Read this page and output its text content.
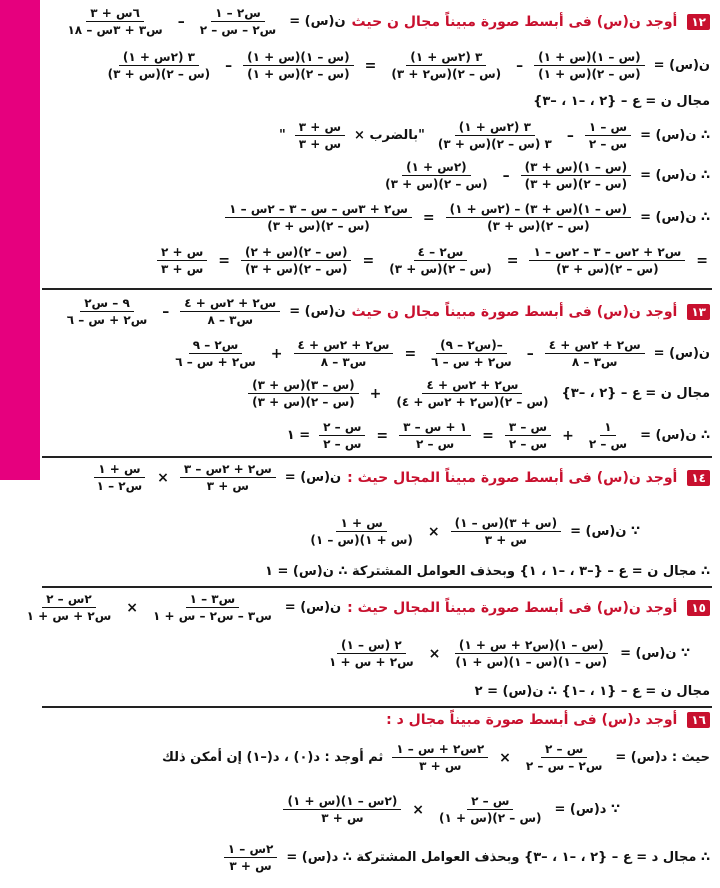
١٢
أوجد ن(س) فى أبسط صورة مبيناً مجال ن حيث
ن(س) =
$\frac{\text{س٢ – ١}}{\text{س٢ – س – ٢}}$
–
$\frac{\text{٦س + ٣}}{\text{س٣ + ٣س – ١٨}}$
ن(س) =
$\frac{\text{(س – ١)(س + ١)}}{\text{(س – ٢)(س + ١)}}$
–
$\frac{\text{٣ (٢س + ١)}}{\text{(س – ٢)(س٢ + ٣)}}$
=
$\frac{\text{(س – ١)(س + ١)}}{\text{(س – ٢)(س + ١)}}$
–
$\frac{\text{٣ (٢س + ١)}}{\text{(س – ٢)(س + ٣)}}$
مجال ن = ع – {٢ ، –١ ، –٣}
∴ ن(س) =
$\frac{\text{س – ١}}{\text{س – ٢}}$
–
$\frac{\text{٣ (٢س + ١)}}{\text{٣ (س – ٢)(س + ٣)}}$
"بالضرب ×
$\frac{\text{س + ٣}}{\text{س + ٣}}$
"
∴ ن(س) =
$\frac{\text{(س – ١)(س + ٣)}}{\text{(س – ٢)(س + ٣)}}$
–
$\frac{\text{(٢س + ١)}}{\text{(س – ٢)(س + ٣)}}$
∴ ن(س) =
$\frac{\text{(س – ١)(س + ٣) – (٢س + ١)}}{\text{(س – ٢)(س + ٣)}}$
=
$\frac{\text{س٢ + ٣س – س – ٣ – ٢س – ١}}{\text{(س – ٢)(س + ٣)}}$
=
$\frac{\text{س٢ + ٢س – ٣ – ٢س – ١}}{\text{(س – ٢)(س + ٣)}}$
=
$\frac{\text{س٢ – ٤}}{\text{(س – ٢)(س + ٣)}}$
=
$\frac{\text{(س – ٢)(س + ٢)}}{\text{(س – ٢)(س + ٣)}}$
=
$\frac{\text{س + ٢}}{\text{س + ٣}}$
١٣
أوجد ن(س) فى أبسط صورة مبيناً مجال ن حيث
ن(س) =
$\frac{\text{س٢ + ٢س + ٤}}{\text{س٣ – ٨}}$
–
$\frac{\text{٩ – س٢}}{\text{س٢ + س – ٦}}$
ن(س) =
$\frac{\text{س٢ + ٢س + ٤}}{\text{س٣ – ٨}}$
–
$\frac{\text{–(س٢ – ٩)}}{\text{س٢ + س – ٦}}$
=
$\frac{\text{س٢ + ٢س + ٤}}{\text{س٣ – ٨}}$
+
$\frac{\text{س٢ – ٩}}{\text{س٢ + س – ٦}}$
مجال ن = ع – {٢ ، –٣}
$\frac{\text{س٢ + ٢س + ٤}}{\text{(س – ٢)(س٢ + ٢س + ٤)}}$
+
$\frac{\text{(س – ٣)(س + ٣)}}{\text{(س – ٢)(س + ٣)}}$
∴ ن(س) =
$\frac{١}{\text{س – ٢}}$
+
$\frac{\text{س – ٣}}{\text{س – ٢}}$
=
$\frac{\text{١ + س – ٣}}{\text{س – ٢}}$
=
$\frac{\text{س – ٢}}{\text{س – ٢}}$
= ١
١٤
أوجد ن(س) فى أبسط صورة مبيناً المجال حيث :
ن(س) =
$\frac{\text{س٢ + ٢س – ٣}}{\text{س + ٣}}$
×
$\frac{\text{س + ١}}{\text{س٢ – ١}}$
∵ ن(س) =
$\frac{\text{(س + ٣)(س – ١)}}{\text{س + ٣}}$
×
$\frac{\text{س + ١}}{\text{(س + ١)(س – ١)}}$
∴ مجال ن = ع – {–٣ ، –١ ، ١} وبحذف العوامل المشتركة ∴ ن(س) = ١
١٥
أوجد ن(س) فى أبسط صورة مبيناً المجال حيث :
ن(س) =
$\frac{\text{س٣ – ١}}{\text{س٣ – س٢ – س + ١}}$
×
$\frac{\text{٢س – ٢}}{\text{س٢ + س + ١}}$
∵ ن(س) =
$\frac{\text{(س – ١)(س٢ + س + ١)}}{\text{(س – ١)(س – ١)(س + ١)}}$
×
$\frac{\text{٢ (س – ١)}}{\text{س٢ + س + ١}}$
مجال ن = ع – {١ ، –١} ∴ ن(س) = ٢
١٦
أوجد د(س) فى أبسط صورة مبيناً مجال د :
حيث : د(س) =
$\frac{\text{س – ٢}}{\text{س٢ – س – ٢}}$
×
$\frac{\text{٢س٢ + س – ١}}{\text{س + ٣}}$
ثم أوجد : د(٠) ، د(–١) إن أمكن ذلك
∵ د(س) =
$\frac{\text{س – ٢}}{\text{(س – ٢)(س + ١)}}$
×
$\frac{\text{(٢س – ١)(س + ١)}}{\text{س + ٣}}$
∴ مجال د = ع – {٢ ، –١ ، –٣} وبحذف العوامل المشتركة ∴ د(س) =
$\frac{\text{٢س – ١}}{\text{س + ٣}}$
